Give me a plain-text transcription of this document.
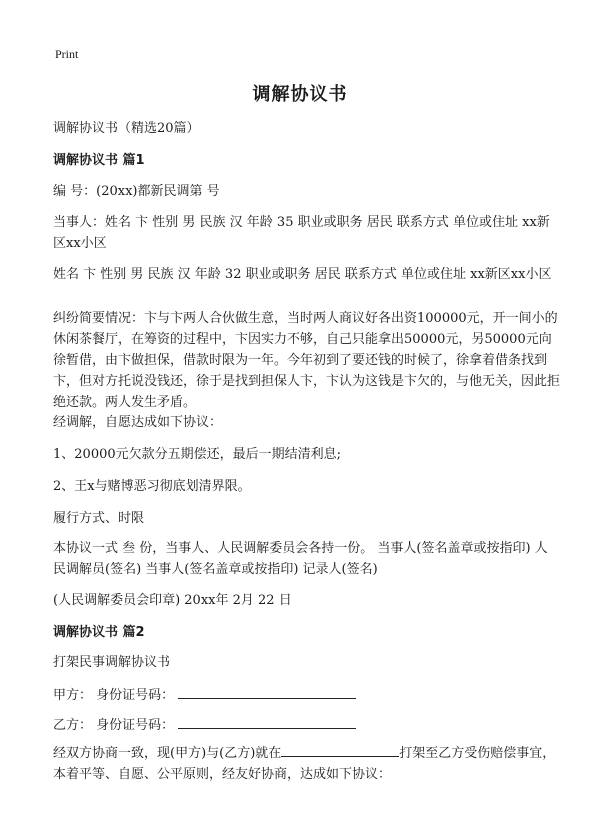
Print
调解协议书
调解协议书（精选20篇）
调解协议书 篇1
编 号：(20xx)都新民调第 号
当事人：姓名 卞 性别 男 民族 汉 年龄 35 职业或职务 居民 联系方式 单位或住址 xx新区xx小区
姓名 卞 性别 男 民族 汉 年龄 32 职业或职务 居民 联系方式 单位或住址 xx新区xx小区
纠纷简要情况：卞与卞两人合伙做生意，当时两人商议好各出资100000元，开一间小的休闲茶餐厅，在筹资的过程中，卞因实力不够，自己只能拿出50000元，另50000元向徐暂借，由卞做担保，借款时限为一年。今年初到了要还钱的时候了，徐拿着借条找到卞，但对方托说没钱还，徐于是找到担保人卞，卞认为这钱是卞欠的，与他无关，因此拒绝还款。两人发生矛盾。
经调解，自愿达成如下协议：
1、20000元欠款分五期偿还，最后一期结清利息;
2、王x与赌博恶习彻底划清界限。
履行方式、时限
本协议一式 叁 份，当事人、人民调解委员会各持一份。 当事人(签名盖章或按指印) 人民调解员(签名) 当事人(签名盖章或按指印) 记录人(签名)
(人民调解委员会印章) 20xx年 2月 22 日
调解协议书 篇2
打架民事调解协议书
甲方： 身份证号码：
乙方： 身份证号码：
经双方协商一致，现(甲方)与(乙方)就在	打架至乙方受伤赔偿事宜，本着平等、自愿、公平原则，经友好协商，达成如下协议：
